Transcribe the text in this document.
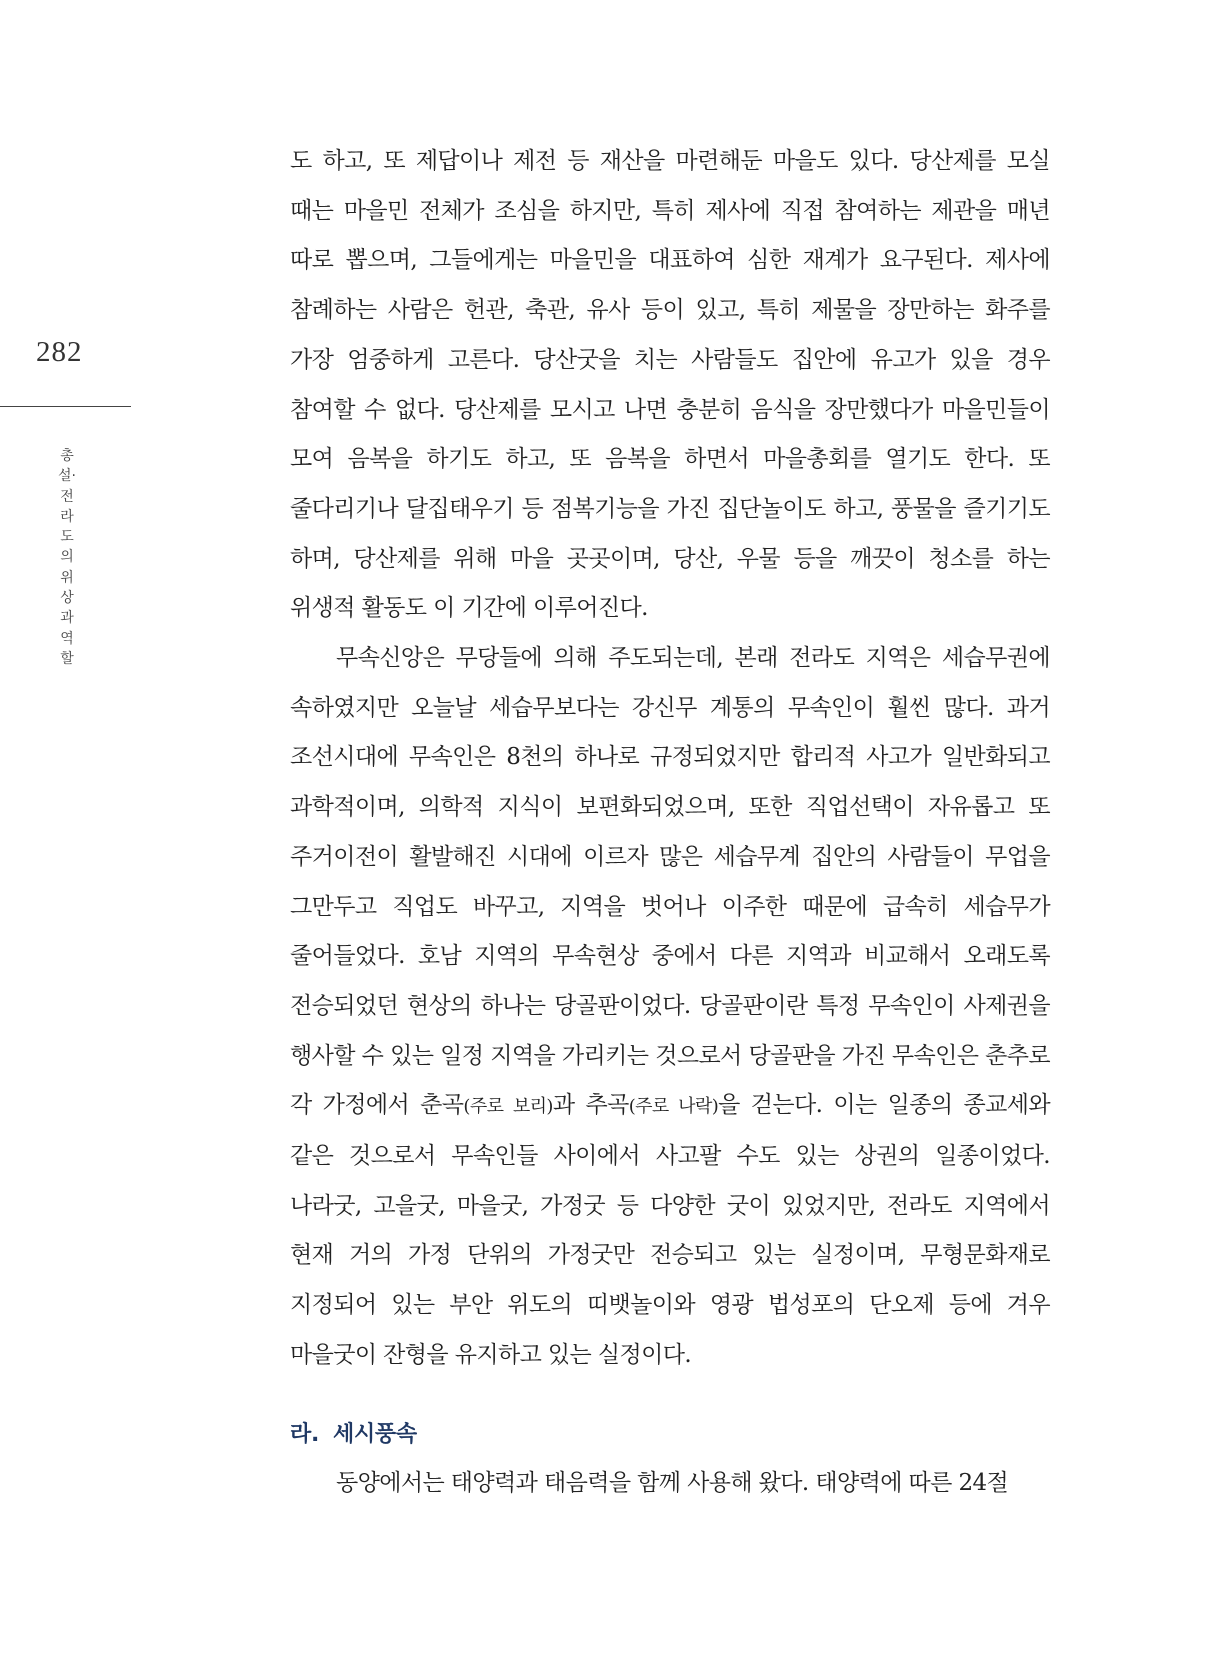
282
총설·전라도의 위상과 역할

도 하고, 또 제답이나 제전 등 재산을 마련해둔 마을도 있다. 당산제를 모실 때는 마을민 전체가 조심을 하지만, 특히 제사에 직접 참여하는 제관을 매년 따로 뽑으며, 그들에게는 마을민을 대표하여 심한 재계가 요구된다. 제사에 참례하는 사람은 헌관, 축관, 유사 등이 있고, 특히 제물을 장만하는 화주를 가장 엄중하게 고른다. 당산굿을 치는 사람들도 집안에 유고가 있을 경우 참여할 수 없다. 당산제를 모시고 나면 충분히 음식을 장만했다가 마을민들이 모여 음복을 하기도 하고, 또 음복을 하면서 마을총회를 열기도 한다. 또 줄다리기나 달집태우기 등 점복기능을 가진 집단놀이도 하고, 풍물을 즐기기도 하며, 당산제를 위해 마을 곳곳이며, 당산, 우물 등을 깨끗이 청소를 하는 위생적 활동도 이 기간에 이루어진다.

무속신앙은 무당들에 의해 주도되는데, 본래 전라도 지역은 세습무권에 속하였지만 오늘날 세습무보다는 강신무 계통의 무속인이 훨씬 많다. 과거 조선시대에 무속인은 8천의 하나로 규정되었지만 합리적 사고가 일반화되고 과학적이며, 의학적 지식이 보편화되었으며, 또한 직업선택이 자유롭고 또 주거이전이 활발해진 시대에 이르자 많은 세습무계 집안의 사람들이 무업을 그만두고 직업도 바꾸고, 지역을 벗어나 이주한 때문에 급속히 세습무가 줄어들었다. 호남 지역의 무속현상 중에서 다른 지역과 비교해서 오래도록 전승되었던 현상의 하나는 당골판이었다. 당골판이란 특정 무속인이 사제권을 행사할 수 있는 일정 지역을 가리키는 것으로서 당골판을 가진 무속인은 춘추로 각 가정에서 춘곡(주로 보리)과 추곡(주로 나락)을 걷는다. 이는 일종의 종교세와 같은 것으로서 무속인들 사이에서 사고팔 수도 있는 상권의 일종이었다. 나라굿, 고을굿, 마을굿, 가정굿 등 다양한 굿이 있었지만, 전라도 지역에서 현재 거의 가정 단위의 가정굿만 전승되고 있는 실정이며, 무형문화재로 지정되어 있는 부안 위도의 띠뱃놀이와 영광 법성포의 단오제 등에 겨우 마을굿이 잔형을 유지하고 있는 실정이다.

라. 세시풍속

동양에서는 태양력과 태음력을 함께 사용해 왔다. 태양력에 따른 24절
